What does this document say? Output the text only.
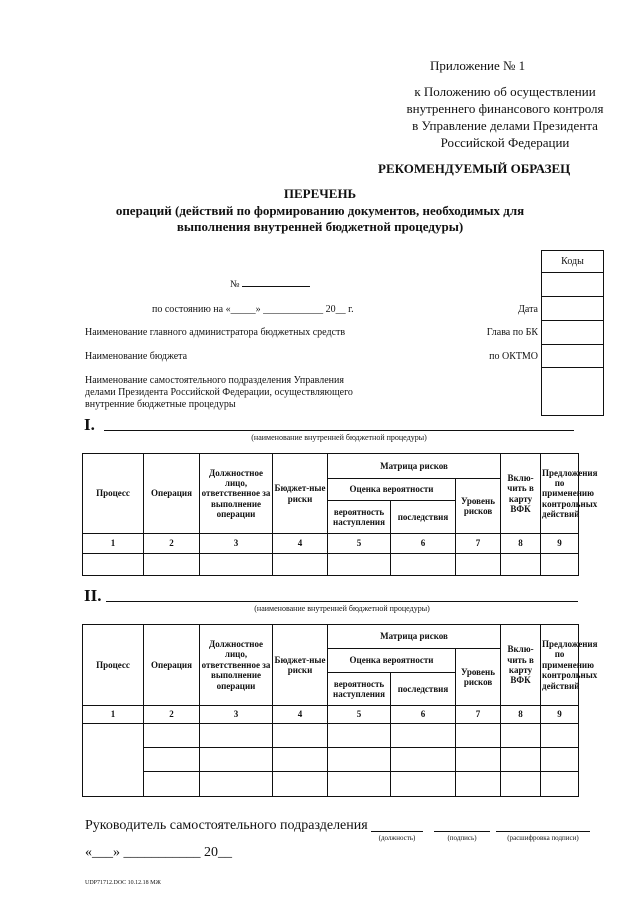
Приложение № 1
к Положению об осуществлении
внутреннего финансового контроля
в Управление делами Президента
Российской Федерации
РЕКОМЕНДУЕМЫЙ ОБРАЗЕЦ
ПЕРЕЧЕНЬ
операций (действий по формированию документов, необходимых для
выполнения внутренней бюджетной процедуры)
№
по состоянию на «_____» ____________ 20__ г.
Наименование главного администратора бюджетных средств
Наименование бюджета
Наименование самостоятельного подразделения Управления
делами Президента Российской Федерации, осуществляющего
внутренние бюджетные процедуры
Дата
Глава по БК
по ОКТМО
Коды

I.
(наименование внутренней бюджетной процедуры)
Процесс	Операция	Должностное лицо, ответственное за выполнение операции	Бюджет-ные риски	Матрица рисков			Вклю-чить в карту ВФК	Предложения по применению контрольных действий
				Оценка вероятности		Уровень рисков		
				вероятность наступления	последствия			
1	2	3	4	5	6	7	8	9

II.
(наименование внутренней бюджетной процедуры)
Процесс	Операция	Должностное лицо, ответственное за выполнение операции	Бюджет-ные риски	Матрица рисков			Вклю-чить в карту ВФК	Предложения по применению контрольных действий
				Оценка вероятности		Уровень рисков		
				вероятность наступления	последствия			
1	2	3	4	5	6	7	8	9

Руководитель самостоятельного подразделения
(должность)	(подпись)	(расшифровка подписи)
«___» ___________ 20__
UDP71712.DOC 10.12.18 МЖ
